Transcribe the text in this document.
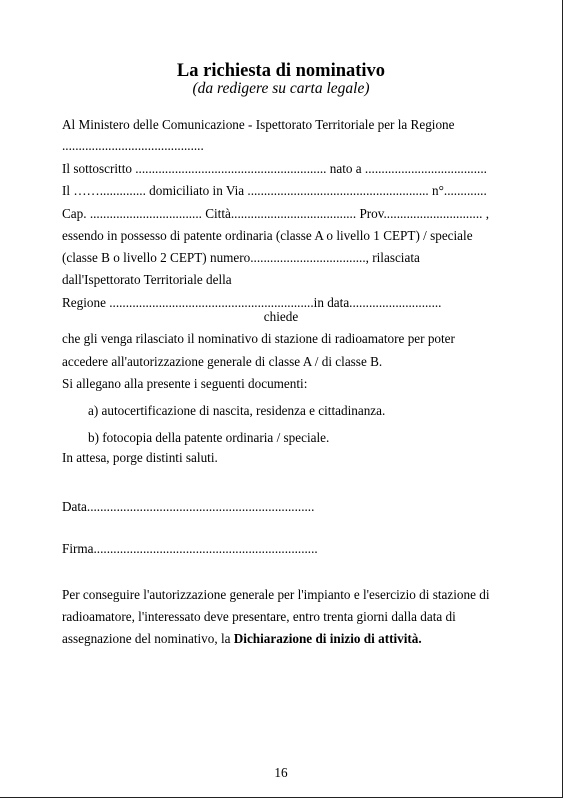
La richiesta di nominativo
(da redigere su carta legale)
Al Ministero delle Comunicazione - Ispettorato Territoriale per la Regione
...........................................
Il sottoscritto .......................................................... nato a .....................................
Il …….............. domiciliato in Via ....................................................... n°.............
Cap. .................................. Città...................................... Prov.............................. ,
essendo in possesso di patente ordinaria (classe A o livello 1 CEPT) / speciale
(classe B o livello 2 CEPT) numero..................................., rilasciata
dall'Ispettorato Territoriale della
Regione ..............................................................in data............................
chiede
che gli venga rilasciato il nominativo di stazione di radioamatore per poter
accedere all'autorizzazione generale di classe A / di classe B.
Si allegano alla presente i seguenti documenti:
a) autocertificazione di nascita, residenza e cittadinanza.
b) fotocopia della patente ordinaria / speciale.
In attesa, porge distinti saluti.
Data.....................................................................
Firma....................................................................
Per conseguire l'autorizzazione generale per l'impianto e l'esercizio di stazione di
radioamatore, l'interessato deve presentare, entro trenta giorni dalla data di
assegnazione del nominativo, la Dichiarazione di inizio di attività.
16
